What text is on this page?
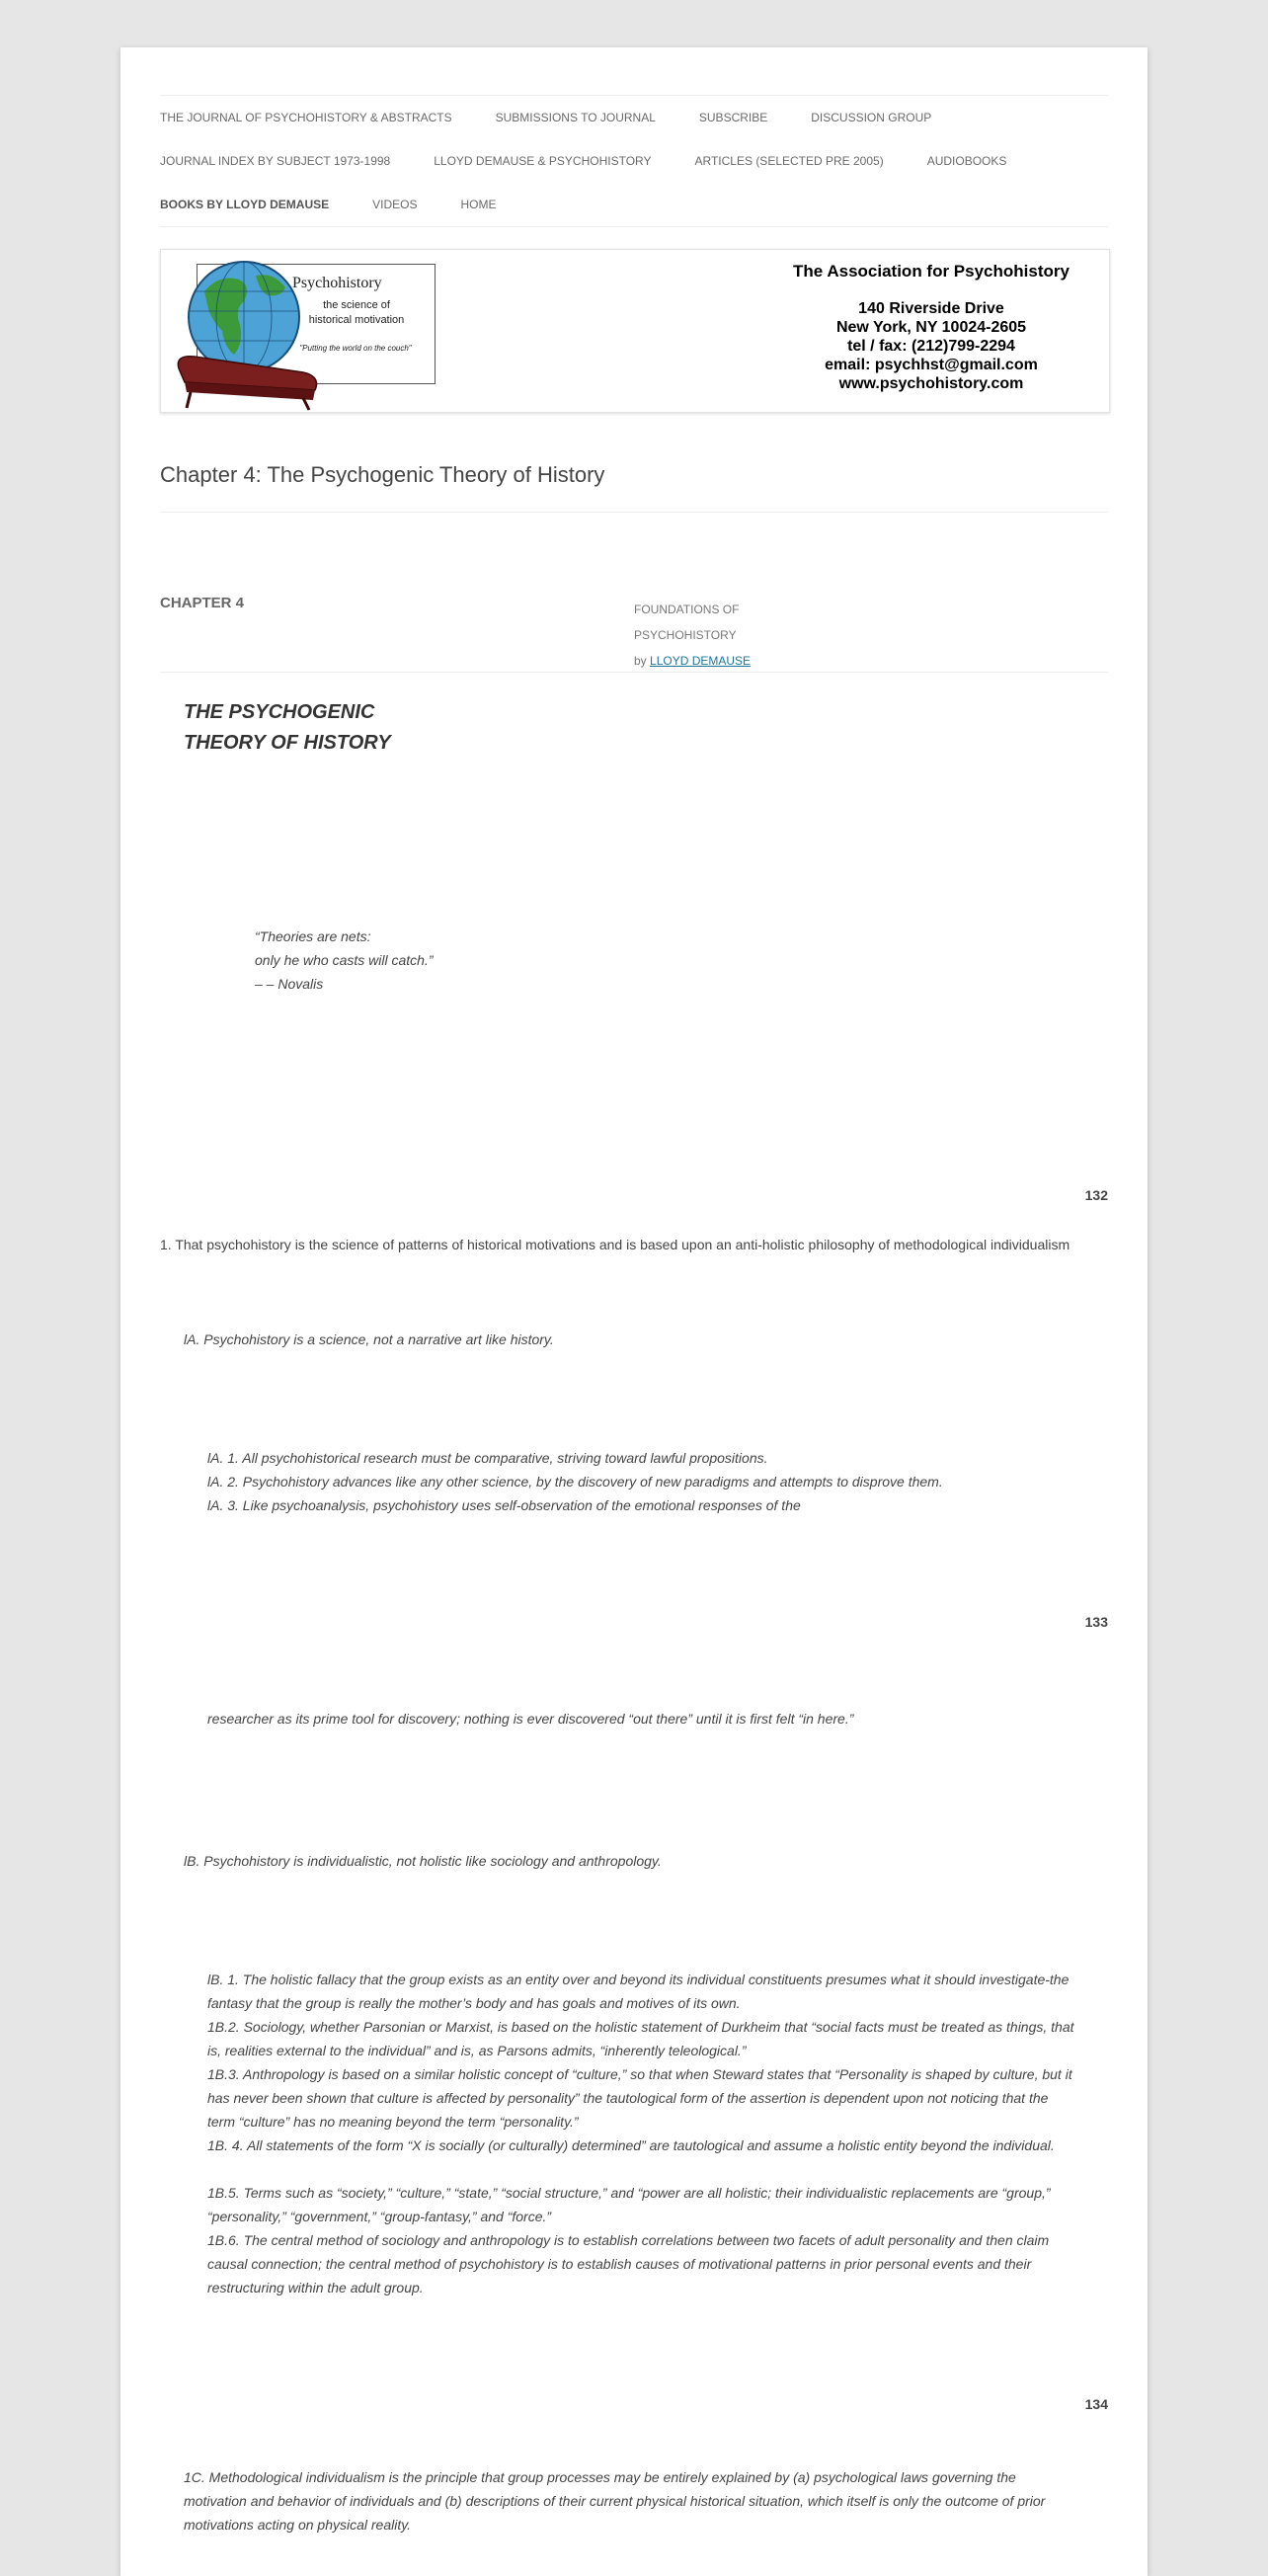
THE JOURNAL OF PSYCHOHISTORY & ABSTRACTS	SUBMISSIONS TO JOURNAL	SUBSCRIBE	DISCUSSION GROUP
JOURNAL INDEX BY SUBJECT 1973-1998	LLOYD DEMAUSE & PSYCHOHISTORY	ARTICLES (SELECTED PRE 2005)	AUDIOBOOKS
BOOKS BY LLOYD DEMAUSE	VIDEOS	HOME
Psychohistory
the science of
historical motivation
"Putting the world on the couch"
The Association for Psychohistory
140 Riverside Drive
New York, NY 10024-2605
tel / fax: (212)799-2294
email: psychhst@gmail.com
www.psychohistory.com
Chapter 4: The Psychogenic Theory of History
CHAPTER 4	FOUNDATIONS OF PSYCHOHISTORY
by LLOYD DEMAUSE
THE PSYCHOGENIC
THEORY OF HISTORY
“Theories are nets:
only he who casts will catch.”
– – Novalis
132
1. That psychohistory is the science of patterns of historical motivations and is based upon an anti-holistic philosophy of methodological individualism
lA. Psychohistory is a science, not a narrative art like history.
lA. 1. All psychohistorical research must be comparative, striving toward lawful propositions.
lA. 2. Psychohistory advances like any other science, by the discovery of new paradigms and attempts to disprove them.
lA. 3. Like psychoanalysis, psychohistory uses self-observation of the emotional responses of the
133
researcher as its prime tool for discovery; nothing is ever discovered “out there” until it is first felt “in here.”
lB. Psychohistory is individualistic, not holistic like sociology and anthropology.
lB. 1. The holistic fallacy that the group exists as an entity over and beyond its individual constituents presumes what it should investigate-the fantasy that the group is really the mother’s body and has goals and motives of its own.
1B.2. Sociology, whether Parsonian or Marxist, is based on the holistic statement of Durkheim that “social facts must be treated as things, that is, realities external to the individual” and is, as Parsons admits, “inherently teleological.”
1B.3. Anthropology is based on a similar holistic concept of “culture,” so that when Steward states that “Personality is shaped by culture, but it has never been shown that culture is affected by personality” the tautological form of the assertion is dependent upon not noticing that the term “culture” has no meaning beyond the term “personality.”
1B. 4. All statements of the form “X is socially (or culturally) determined” are tautological and assume a holistic entity beyond the individual.
1B.5. Terms such as “society,” “culture,” “state,” “social structure,” and “power are all holistic; their individualistic replacements are “group,” “personality,” “government,” “group-fantasy,” and “force.”
1B.6. The central method of sociology and anthropology is to establish correlations between two facets of adult personality and then claim causal connection; the central method of psychohistory is to establish causes of motivational patterns in prior personal events and their restructuring within the adult group.
134
1C. Methodological individualism is the principle that group processes may be entirely explained by (a) psychological laws governing the motivation and behavior of individuals and (b) descriptions of their current physical historical situation, which itself is only the outcome of prior motivations acting on physical reality.
